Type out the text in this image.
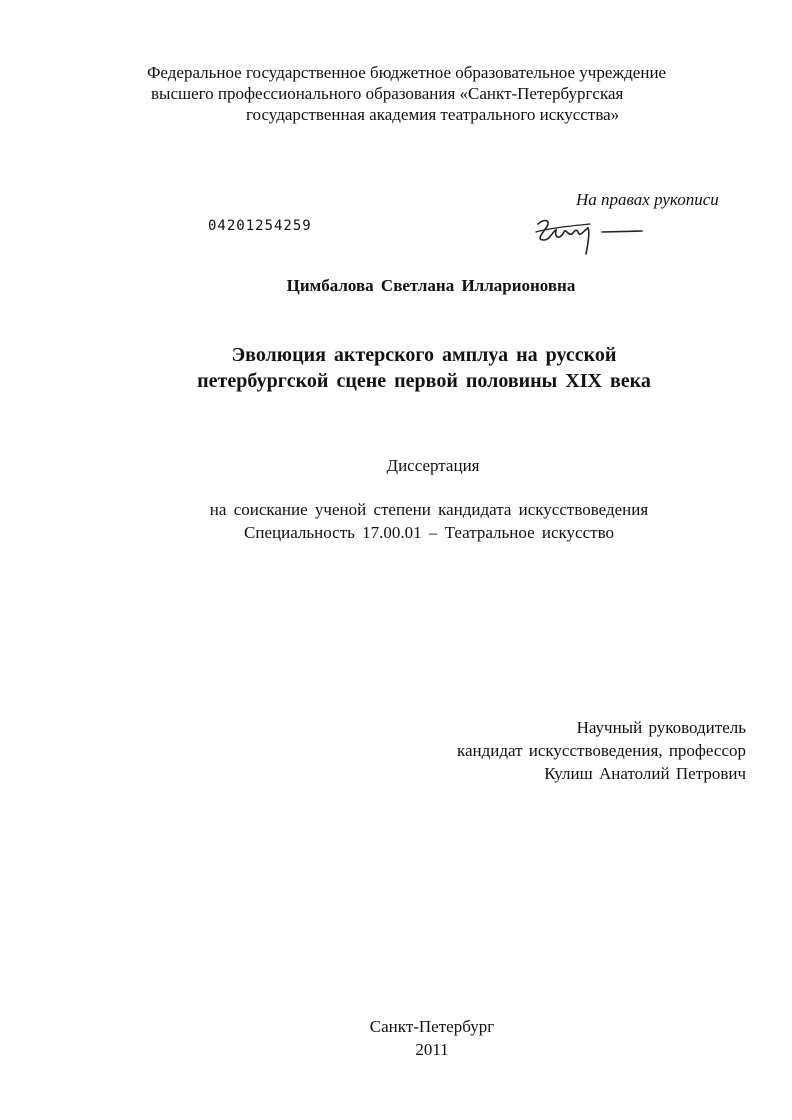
Федеральное государственное бюджетное образовательное учреждение
высшего профессионального образования «Санкт-Петербургская
государственная академия театрального искусства»
На правах рукописи
04201254259
Цимбалова Светлана Илларионовна
Эволюция актерского амплуа на русской
петербургской сцене первой половины XIX века
Диссертация
на соискание ученой степени кандидата искусствоведения
Специальность 17.00.01 – Театральное искусство
Научный руководитель
кандидат искусствоведения, профессор
Кулиш Анатолий Петрович
Санкт-Петербург
2011
